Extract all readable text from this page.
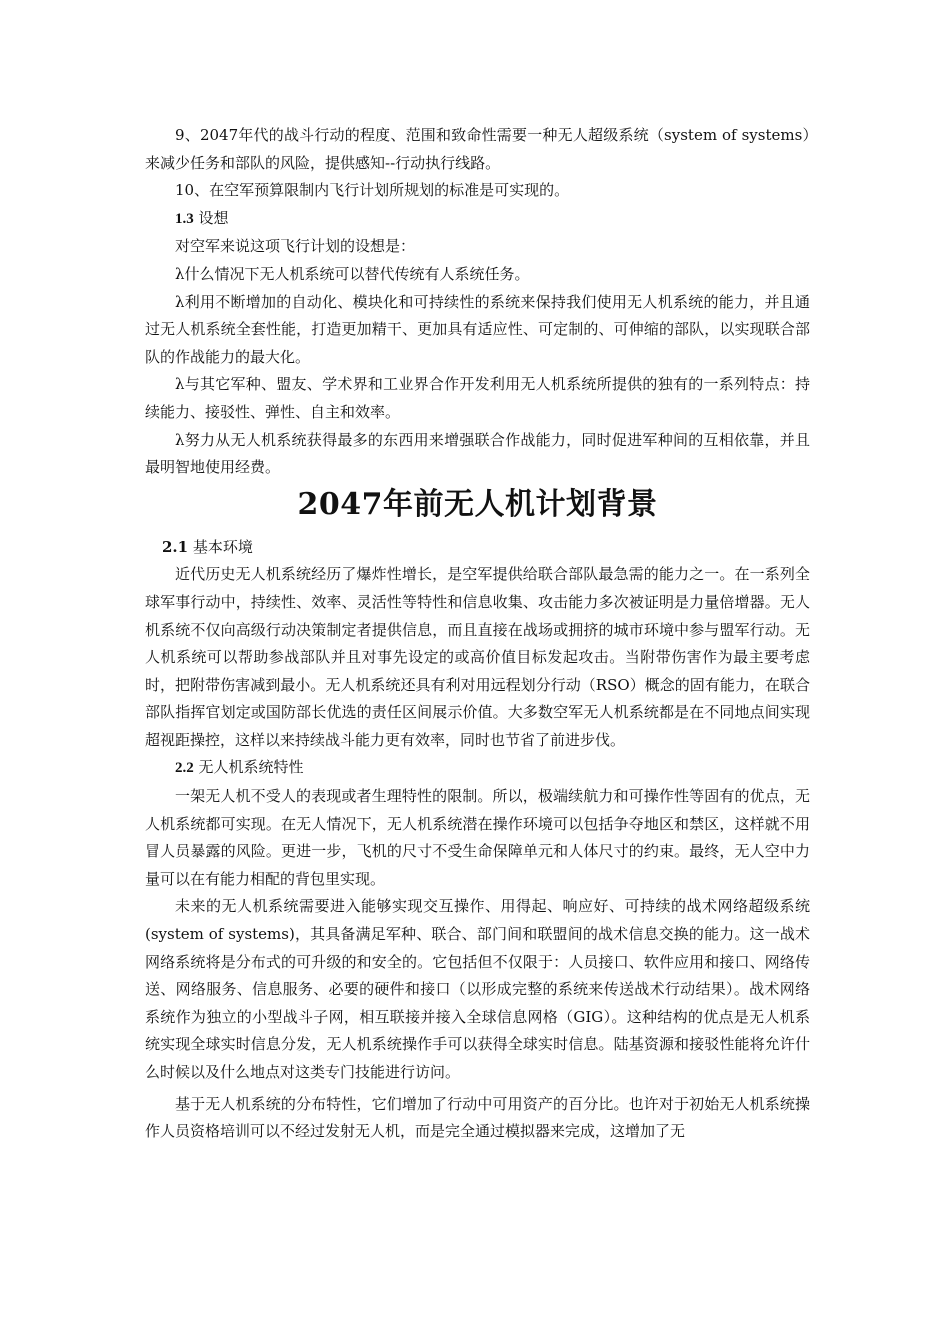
9、2047年代的战斗行动的程度、范围和致命性需要一种无人超级系统（system of systems）来减少任务和部队的风险，提供感知--行动执行线路。

10、在空军预算限制内飞行计划所规划的标准是可实现的。

1.3 设想

对空军来说这项飞行计划的设想是：

λ什么情况下无人机系统可以替代传统有人系统任务。

λ利用不断增加的自动化、模块化和可持续性的系统来保持我们使用无人机系统的能力，并且通过无人机系统全套性能，打造更加精干、更加具有适应性、可定制的、可伸缩的部队，以实现联合部队的作战能力的最大化。

λ与其它军种、盟友、学术界和工业界合作开发利用无人机系统所提供的独有的一系列特点：持续能力、接驳性、弹性、自主和效率。

λ努力从无人机系统获得最多的东西用来增强联合作战能力，同时促进军种间的互相依靠，并且最明智地使用经费。

2047年前无人机计划背景

2.1 基本环境

近代历史无人机系统经历了爆炸性增长，是空军提供给联合部队最急需的能力之一。在一系列全球军事行动中，持续性、效率、灵活性等特性和信息收集、攻击能力多次被证明是力量倍增器。无人机系统不仅向高级行动决策制定者提供信息，而且直接在战场或拥挤的城市环境中参与盟军行动。无人机系统可以帮助参战部队并且对事先设定的或高价值目标发起攻击。当附带伤害作为最主要考虑时，把附带伤害减到最小。无人机系统还具有利对用远程划分行动（RSO）概念的固有能力，在联合部队指挥官划定或国防部长优选的责任区间展示价值。大多数空军无人机系统都是在不同地点间实现超视距操控，这样以来持续战斗能力更有效率，同时也节省了前进步伐。

2.2 无人机系统特性

一架无人机不受人的表现或者生理特性的限制。所以，极端续航力和可操作性等固有的优点，无人机系统都可实现。在无人情况下，无人机系统潜在操作环境可以包括争夺地区和禁区，这样就不用冒人员暴露的风险。更进一步，飞机的尺寸不受生命保障单元和人体尺寸的约束。最终，无人空中力量可以在有能力相配的背包里实现。

未来的无人机系统需要进入能够实现交互操作、用得起、响应好、可持续的战术网络超级系统(system of systems)，其具备满足军种、联合、部门间和联盟间的战术信息交换的能力。这一战术网络系统将是分布式的可升级的和安全的。它包括但不仅限于：人员接口、软件应用和接口、网络传送、网络服务、信息服务、必要的硬件和接口（以形成完整的系统来传送战术行动结果）。战术网络系统作为独立的小型战斗子网，相互联接并接入全球信息网格（GIG）。这种结构的优点是无人机系统实现全球实时信息分发，无人机系统操作手可以获得全球实时信息。陆基资源和接驳性能将允许什么时候以及什么地点对这类专门技能进行访问。

基于无人机系统的分布特性，它们增加了行动中可用资产的百分比。也许对于初始无人机系统操作人员资格培训可以不经过发射无人机，而是完全通过模拟器来完成，这增加了无
